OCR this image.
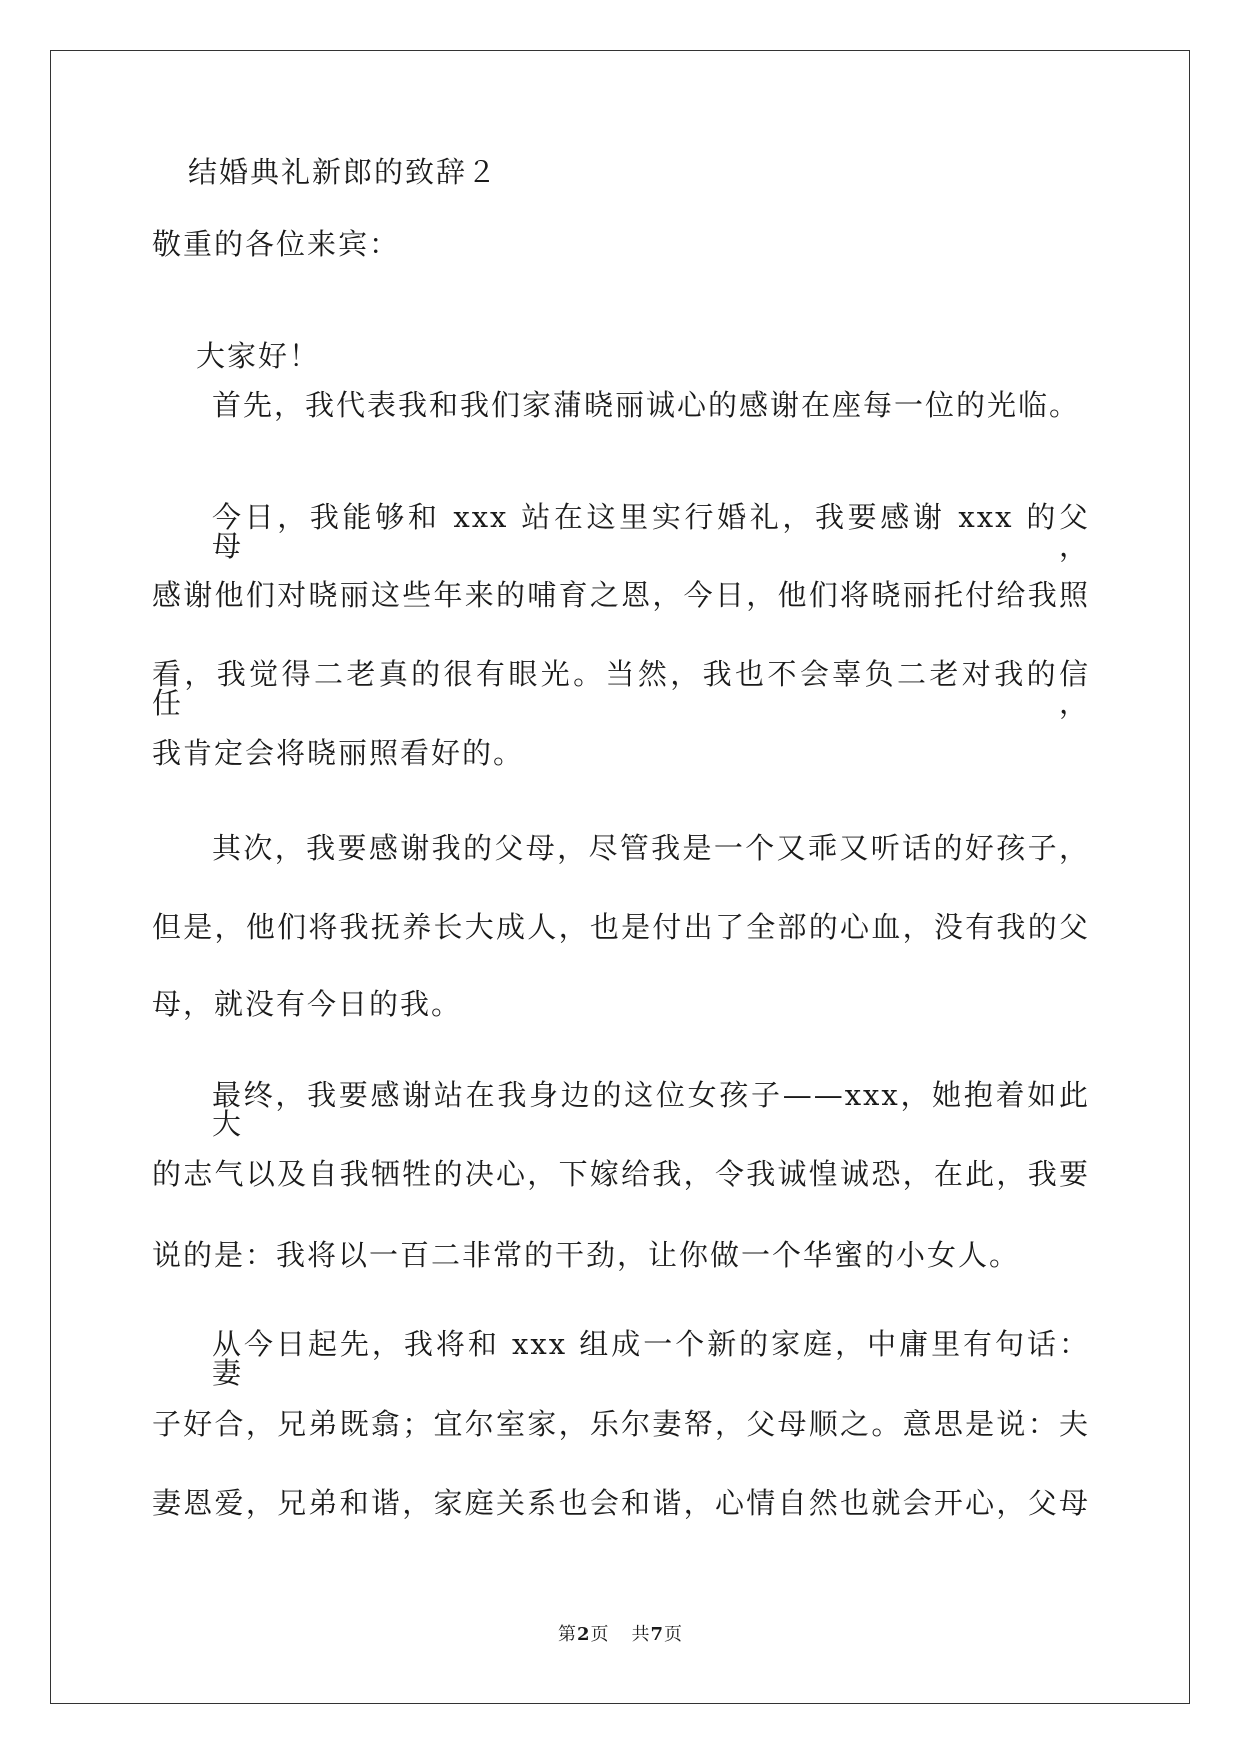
结婚典礼新郎的致辞２
敬重的各位来宾：
大家好！
首先，我代表我和我们家蒲晓丽诚心的感谢在座每一位的光临。
今日，我能够和 xxx 站在这里实行婚礼，我要感谢 xxx 的父母，
感谢他们对晓丽这些年来的哺育之恩，今日，他们将晓丽托付给我照
看，我觉得二老真的很有眼光。当然，我也不会辜负二老对我的信任，
我肯定会将晓丽照看好的。
其次，我要感谢我的父母，尽管我是一个又乖又听话的好孩子，
但是，他们将我抚养长大成人，也是付出了全部的心血，没有我的父
母，就没有今日的我。
最终，我要感谢站在我身边的这位女孩子——xxx，她抱着如此大
的志气以及自我牺牲的决心，下嫁给我，令我诚惶诚恐，在此，我要
说的是：我将以一百二非常的干劲，让你做一个华蜜的小女人。
从今日起先，我将和 xxx 组成一个新的家庭，中庸里有句话：妻
子好合，兄弟既翕；宜尔室家，乐尔妻帑，父母顺之。意思是说：夫
妻恩爱，兄弟和谐，家庭关系也会和谐，心情自然也就会开心，父母
第2页 共7页
